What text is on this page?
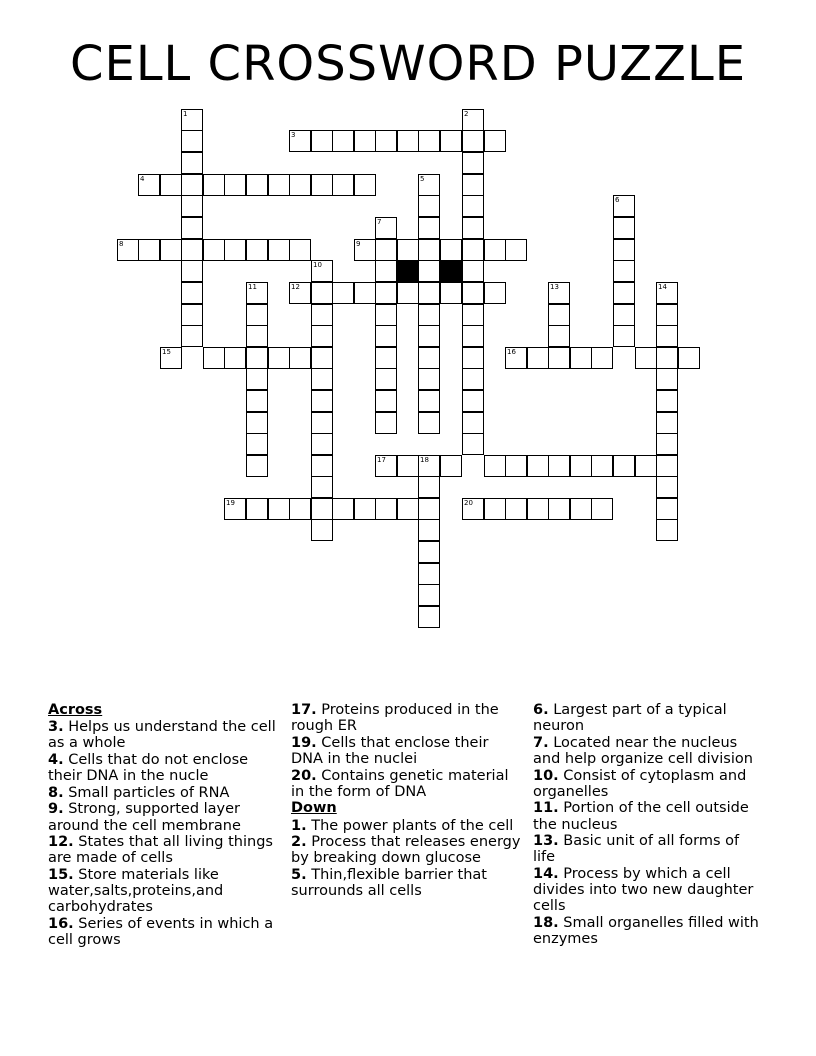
CELL CROSSWORD PUZZLE
1	2
3
4	5
6
7
8	9
10
11	12	13	14
15	16
17	18
19	20
Across
3. Helps us understand the cell as a whole
4. Cells that do not enclose their DNA in the nucle
8. Small particles of RNA
9. Strong, supported layer around the cell membrane
12. States that all living things are made of cells
15. Store materials like water,salts,proteins,and carbohydrates
16. Series of events in which a cell grows
17. Proteins produced in the rough ER
19. Cells that enclose their DNA in the nuclei
20. Contains genetic material in the form of DNA
Down
1. The power plants of the cell
2. Process that releases energy by breaking down glucose
5. Thin,flexible barrier that surrounds all cells
6. Largest part of a typical neuron
7. Located near the nucleus and help organize cell division
10. Consist of cytoplasm and organelles
11. Portion of the cell outside the nucleus
13. Basic unit of all forms of life
14. Process by which a cell divides into two new daughter cells
18. Small organelles filled with enzymes
